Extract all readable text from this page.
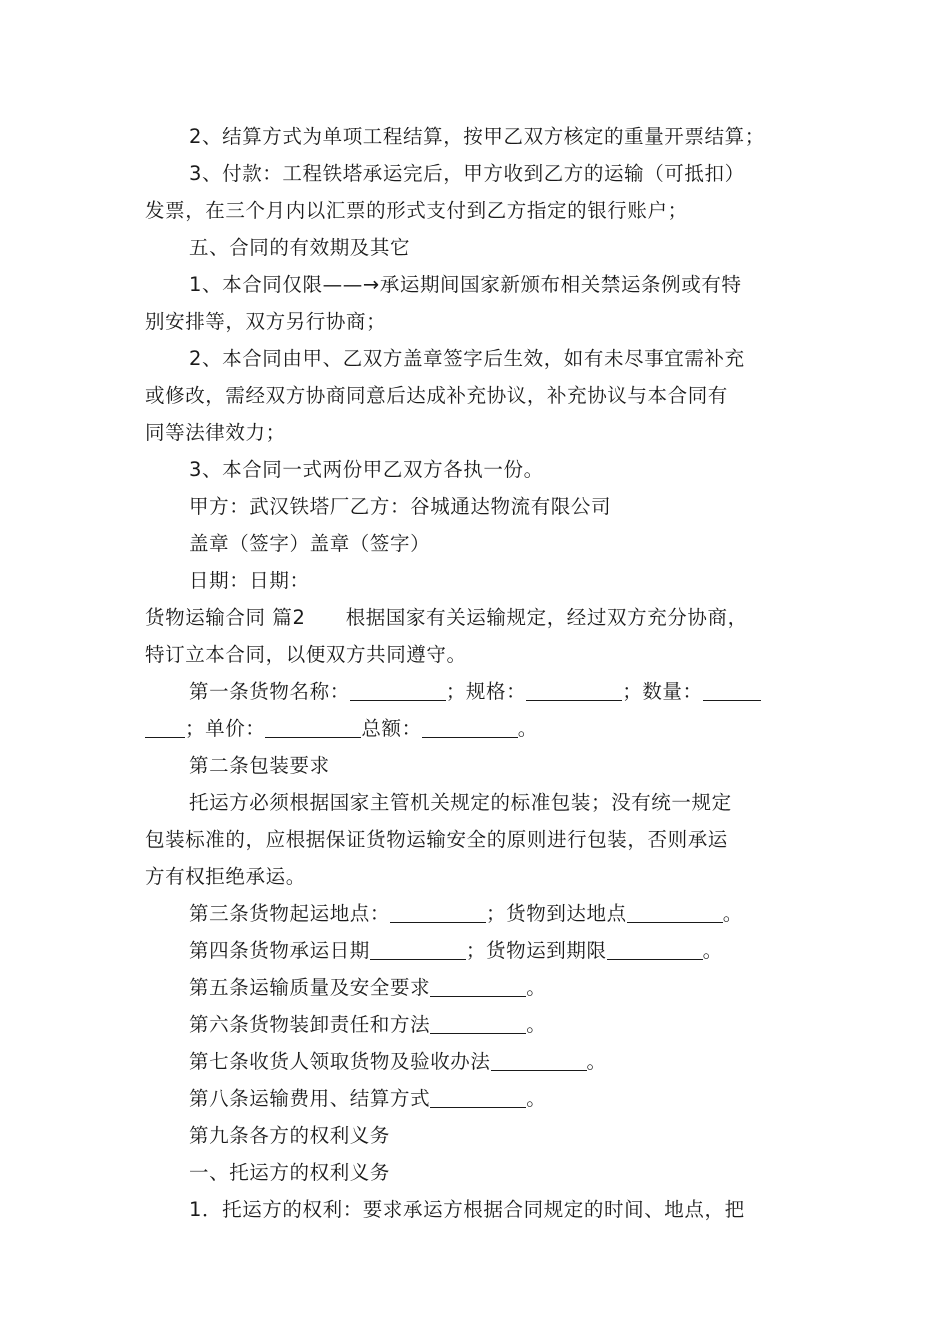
2、结算方式为单项工程结算，按甲乙双方核定的重量开票结算；

3、付款：工程铁塔承运完后，甲方收到乙方的运输（可抵扣）

发票，在三个月内以汇票的形式支付到乙方指定的银行账户；

五、合同的有效期及其它

1、本合同仅限——→承运期间国家新颁布相关禁运条例或有特

别安排等，双方另行协商；

2、本合同由甲、乙双方盖章签字后生效，如有未尽事宜需补充

或修改，需经双方协商同意后达成补充协议，补充协议与本合同有

同等法律效力；

3、本合同一式两份甲乙双方各执一份。

甲方：武汉铁塔厂乙方：谷城通达物流有限公司

盖章（签字）盖章（签字）

日期：日期：

货物运输合同 篇2　　根据国家有关运输规定，经过双方充分协商，

特订立本合同，以便双方共同遵守。

第一条货物名称：	；规格：	；数量：

；单价：	总额：	。

第二条包装要求

托运方必须根据国家主管机关规定的标准包装；没有统一规定

包装标准的，应根据保证货物运输安全的原则进行包装，否则承运

方有权拒绝承运。

第三条货物起运地点：	；货物到达地点	。

第四条货物承运日期	；货物运到期限	。

第五条运输质量及安全要求	。

第六条货物装卸责任和方法	。

第七条收货人领取货物及验收办法	。

第八条运输费用、结算方式	。

第九条各方的权利义务

一、托运方的权利义务

1．托运方的权利：要求承运方根据合同规定的时间、地点，把
